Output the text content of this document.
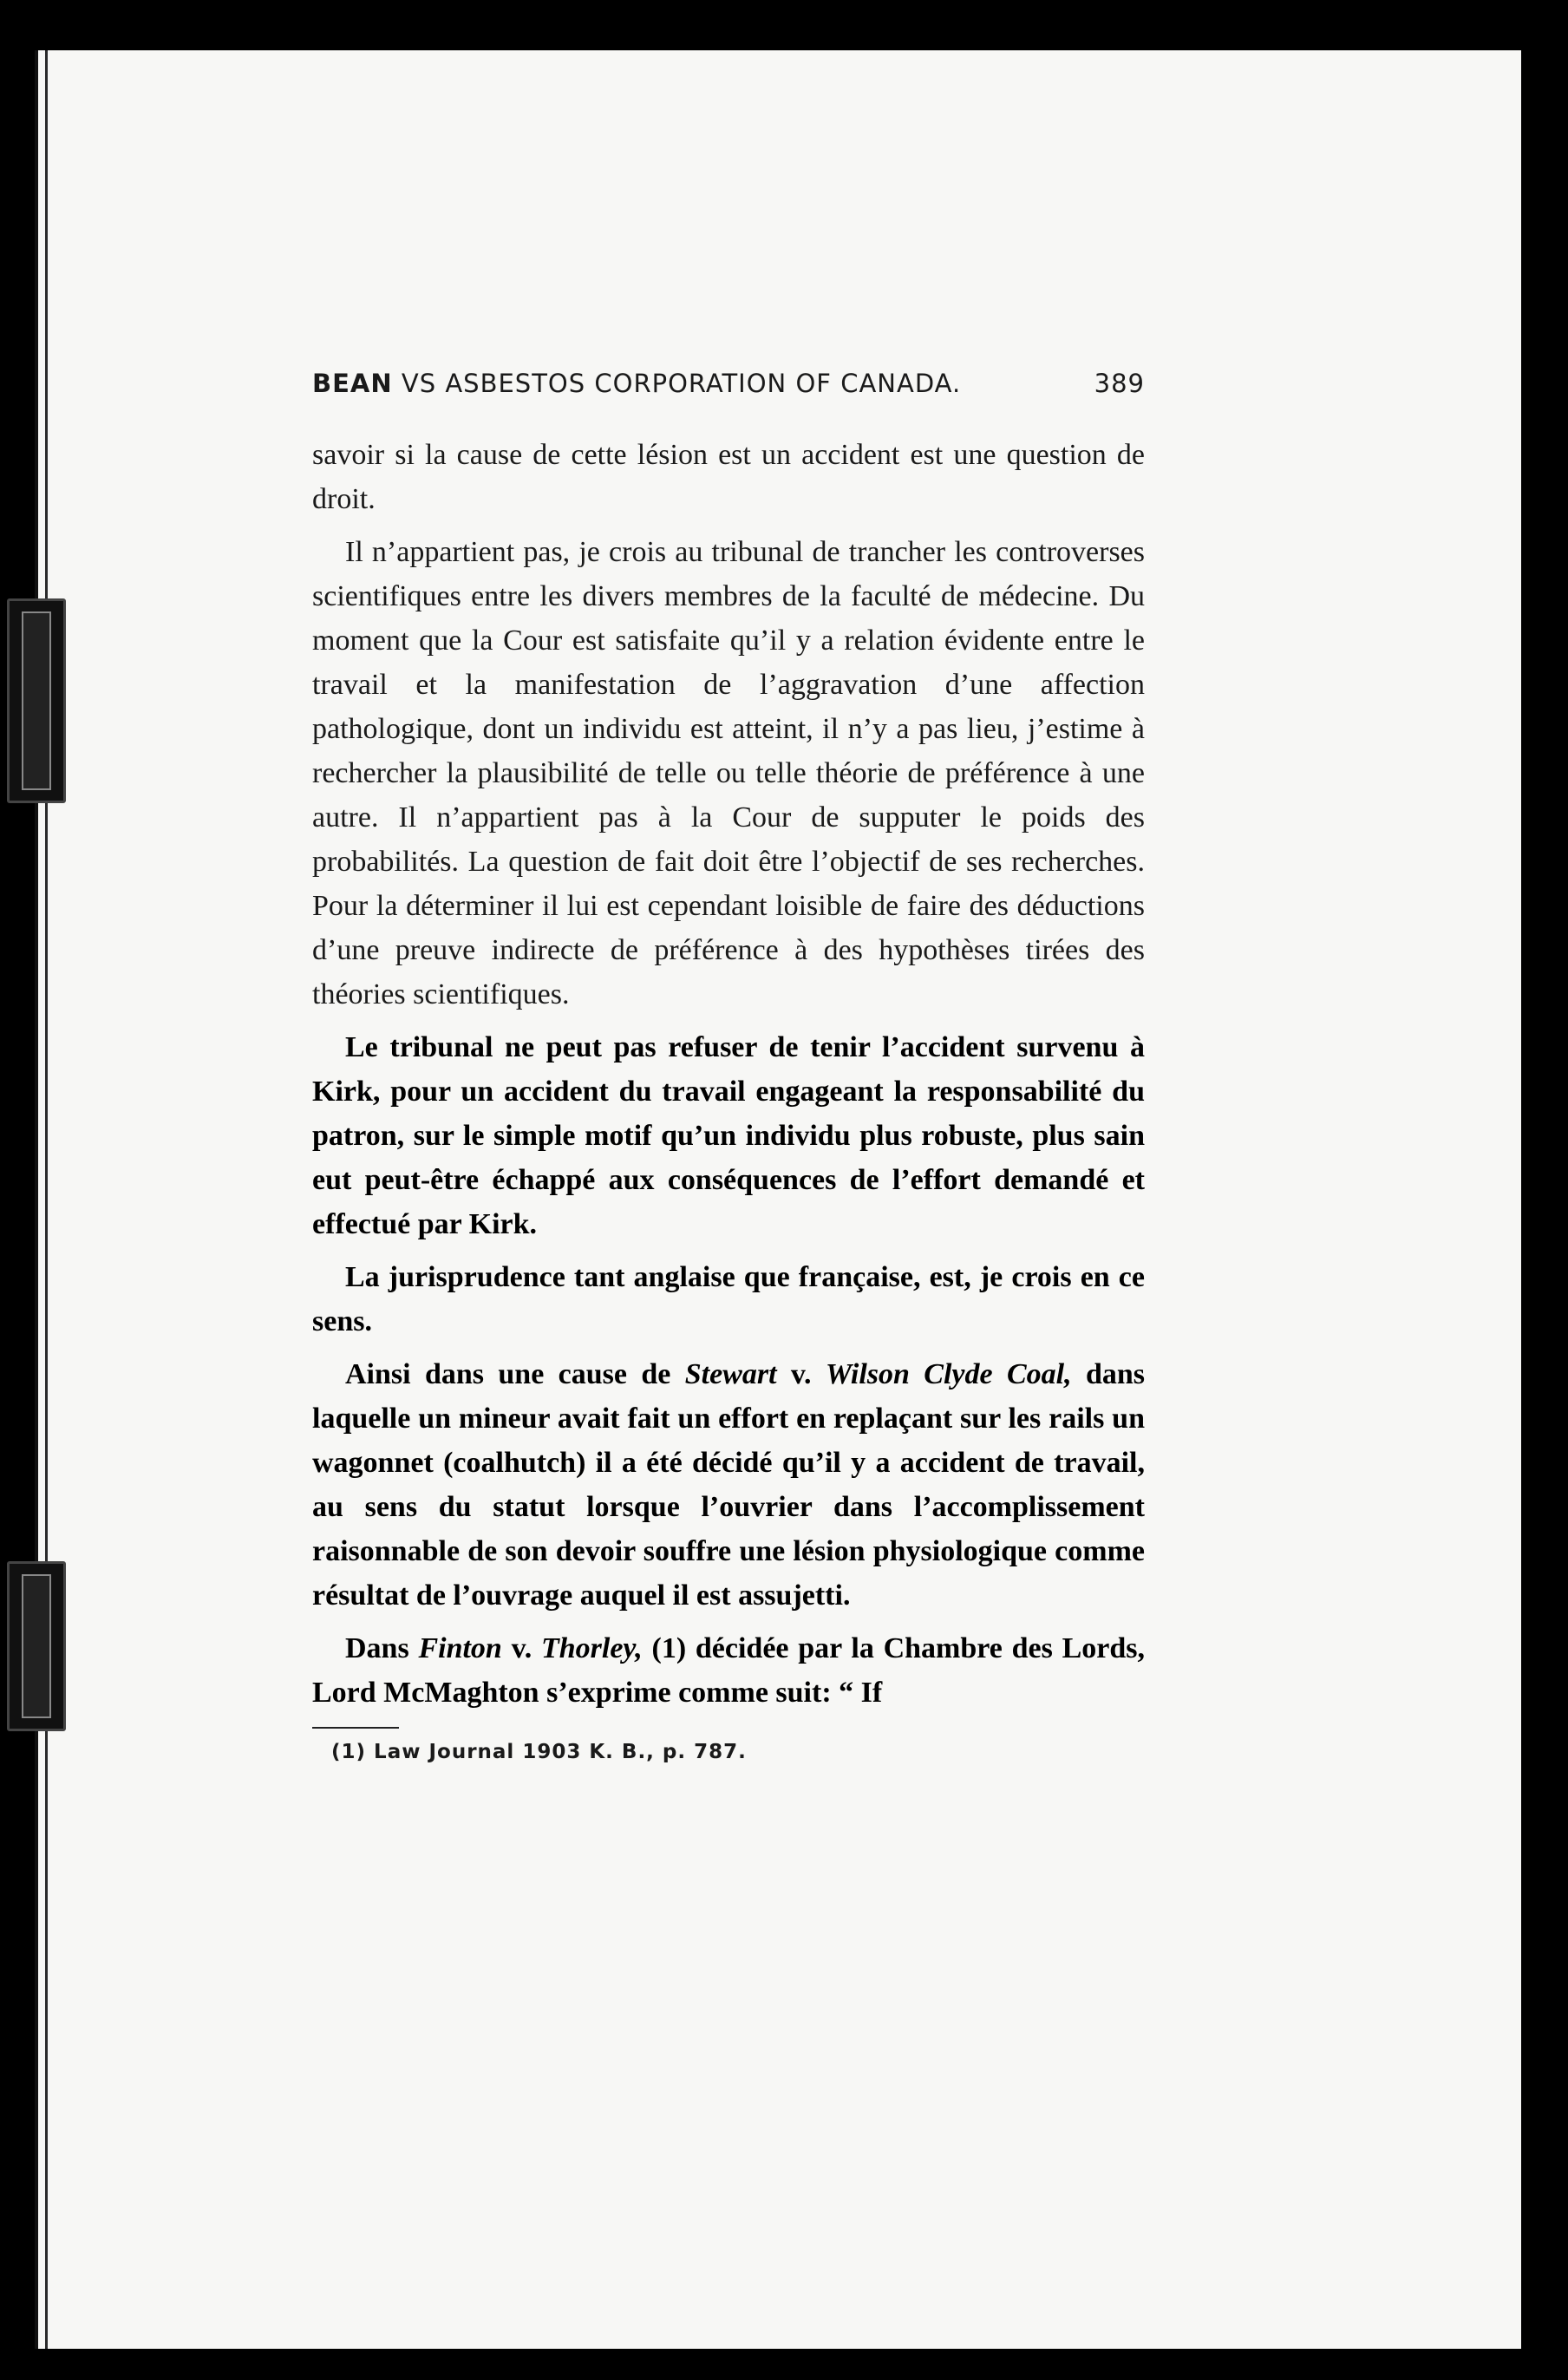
BEAN VS ASBESTOS CORPORATION OF CANADA.	389

savoir si la cause de cette lésion est un accident est une question de droit.

Il n’appartient pas, je crois au tribunal de trancher les controverses scientifiques entre les divers membres de la faculté de médecine. Du moment que la Cour est satisfaite qu’il y a relation évidente entre le travail et la manifestation de l’aggravation d’une affection pathologique, dont un individu est atteint, il n’y a pas lieu, j’estime à rechercher la plausibilité de telle ou telle théorie de préférence à une autre. Il n’appartient pas à la Cour de supputer le poids des probabilités. La question de fait doit être l’objectif de ses recherches. Pour la déterminer il lui est cependant loisible de faire des déductions d’une preuve indirecte de préférence à des hypothèses tirées des théories scientifiques.

Le tribunal ne peut pas refuser de tenir l’accident survenu à Kirk, pour un accident du travail engageant la responsabilité du patron, sur le simple motif qu’un individu plus robuste, plus sain eut peut-être échappé aux conséquences de l’effort demandé et effectué par Kirk.

La jurisprudence tant anglaise que française, est, je crois en ce sens.

Ainsi dans une cause de Stewart v. Wilson Clyde Coal, dans laquelle un mineur avait fait un effort en replaçant sur les rails un wagonnet (coalhutch) il a été décidé qu’il y a accident de travail, au sens du statut lorsque l’ouvrier dans l’accomplissement raisonnable de son devoir souffre une lésion physiologique comme résultat de l’ouvrage auquel il est assujetti.

Dans Finton v. Thorley, (1) décidée par la Chambre des Lords, Lord McMaghton s’exprime comme suit: “ If

(1) Law Journal 1903 K. B., p. 787.
